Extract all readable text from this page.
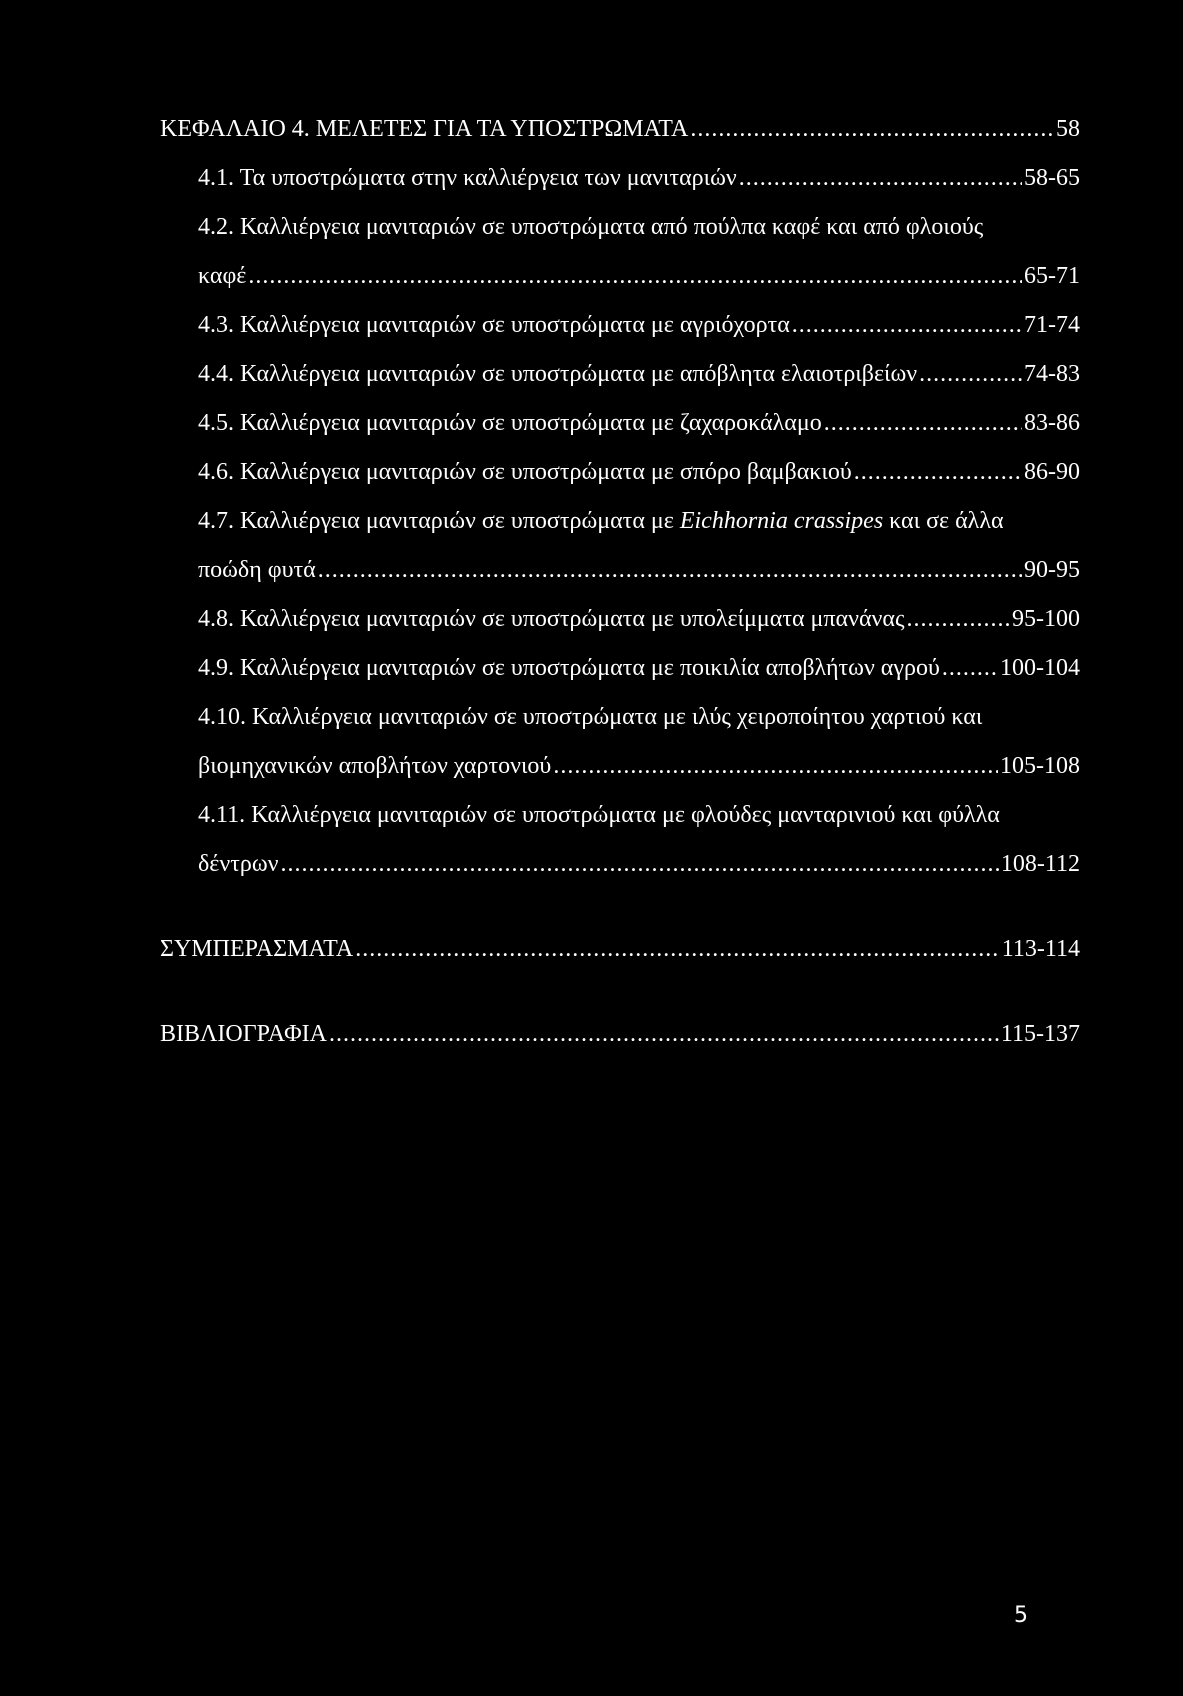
ΚΕΦΑΛΑΙΟ 4. ΜΕΛΕΤΕΣ ΓΙΑ ΤΑ ΥΠΟΣΤΡΩΜΑΤΑ .....	58
4.1. Τα υποστρώματα στην καλλιέργεια των μανιταριών .....	58-65
4.2. Καλλιέργεια μανιταριών σε υποστρώματα από πούλπα καφέ και από φλοιούς
καφέ .....	65-71
4.3. Καλλιέργεια μανιταριών σε υποστρώματα με αγριόχορτα .....	71-74
4.4. Καλλιέργεια μανιταριών σε υποστρώματα με απόβλητα ελαιοτριβείων .....	74-83
4.5. Καλλιέργεια μανιταριών σε υποστρώματα με ζαχαροκάλαμο .....	83-86
4.6. Καλλιέργεια μανιταριών σε υποστρώματα με σπόρο βαμβακιού .....	86-90
4.7. Καλλιέργεια μανιταριών σε υποστρώματα με Eichhornia crassipes και σε άλλα
ποώδη φυτά .....	90-95
4.8. Καλλιέργεια μανιταριών σε υποστρώματα με υπολείμματα μπανάνας .....	95-100
4.9. Καλλιέργεια μανιταριών σε υποστρώματα με ποικιλία αποβλήτων αγρού .....	100-104
4.10. Καλλιέργεια μανιταριών σε υποστρώματα με ιλύς χειροποίητου χαρτιού και
βιομηχανικών αποβλήτων χαρτονιού .....	105-108
4.11. Καλλιέργεια μανιταριών σε υποστρώματα με φλούδες μανταρινιού και φύλλα
δέντρων .....	108-112
ΣΥΜΠΕΡΑΣΜΑΤΑ .....	113-114
ΒΙΒΛΙΟΓΡΑΦΙΑ .....	115-137
5
